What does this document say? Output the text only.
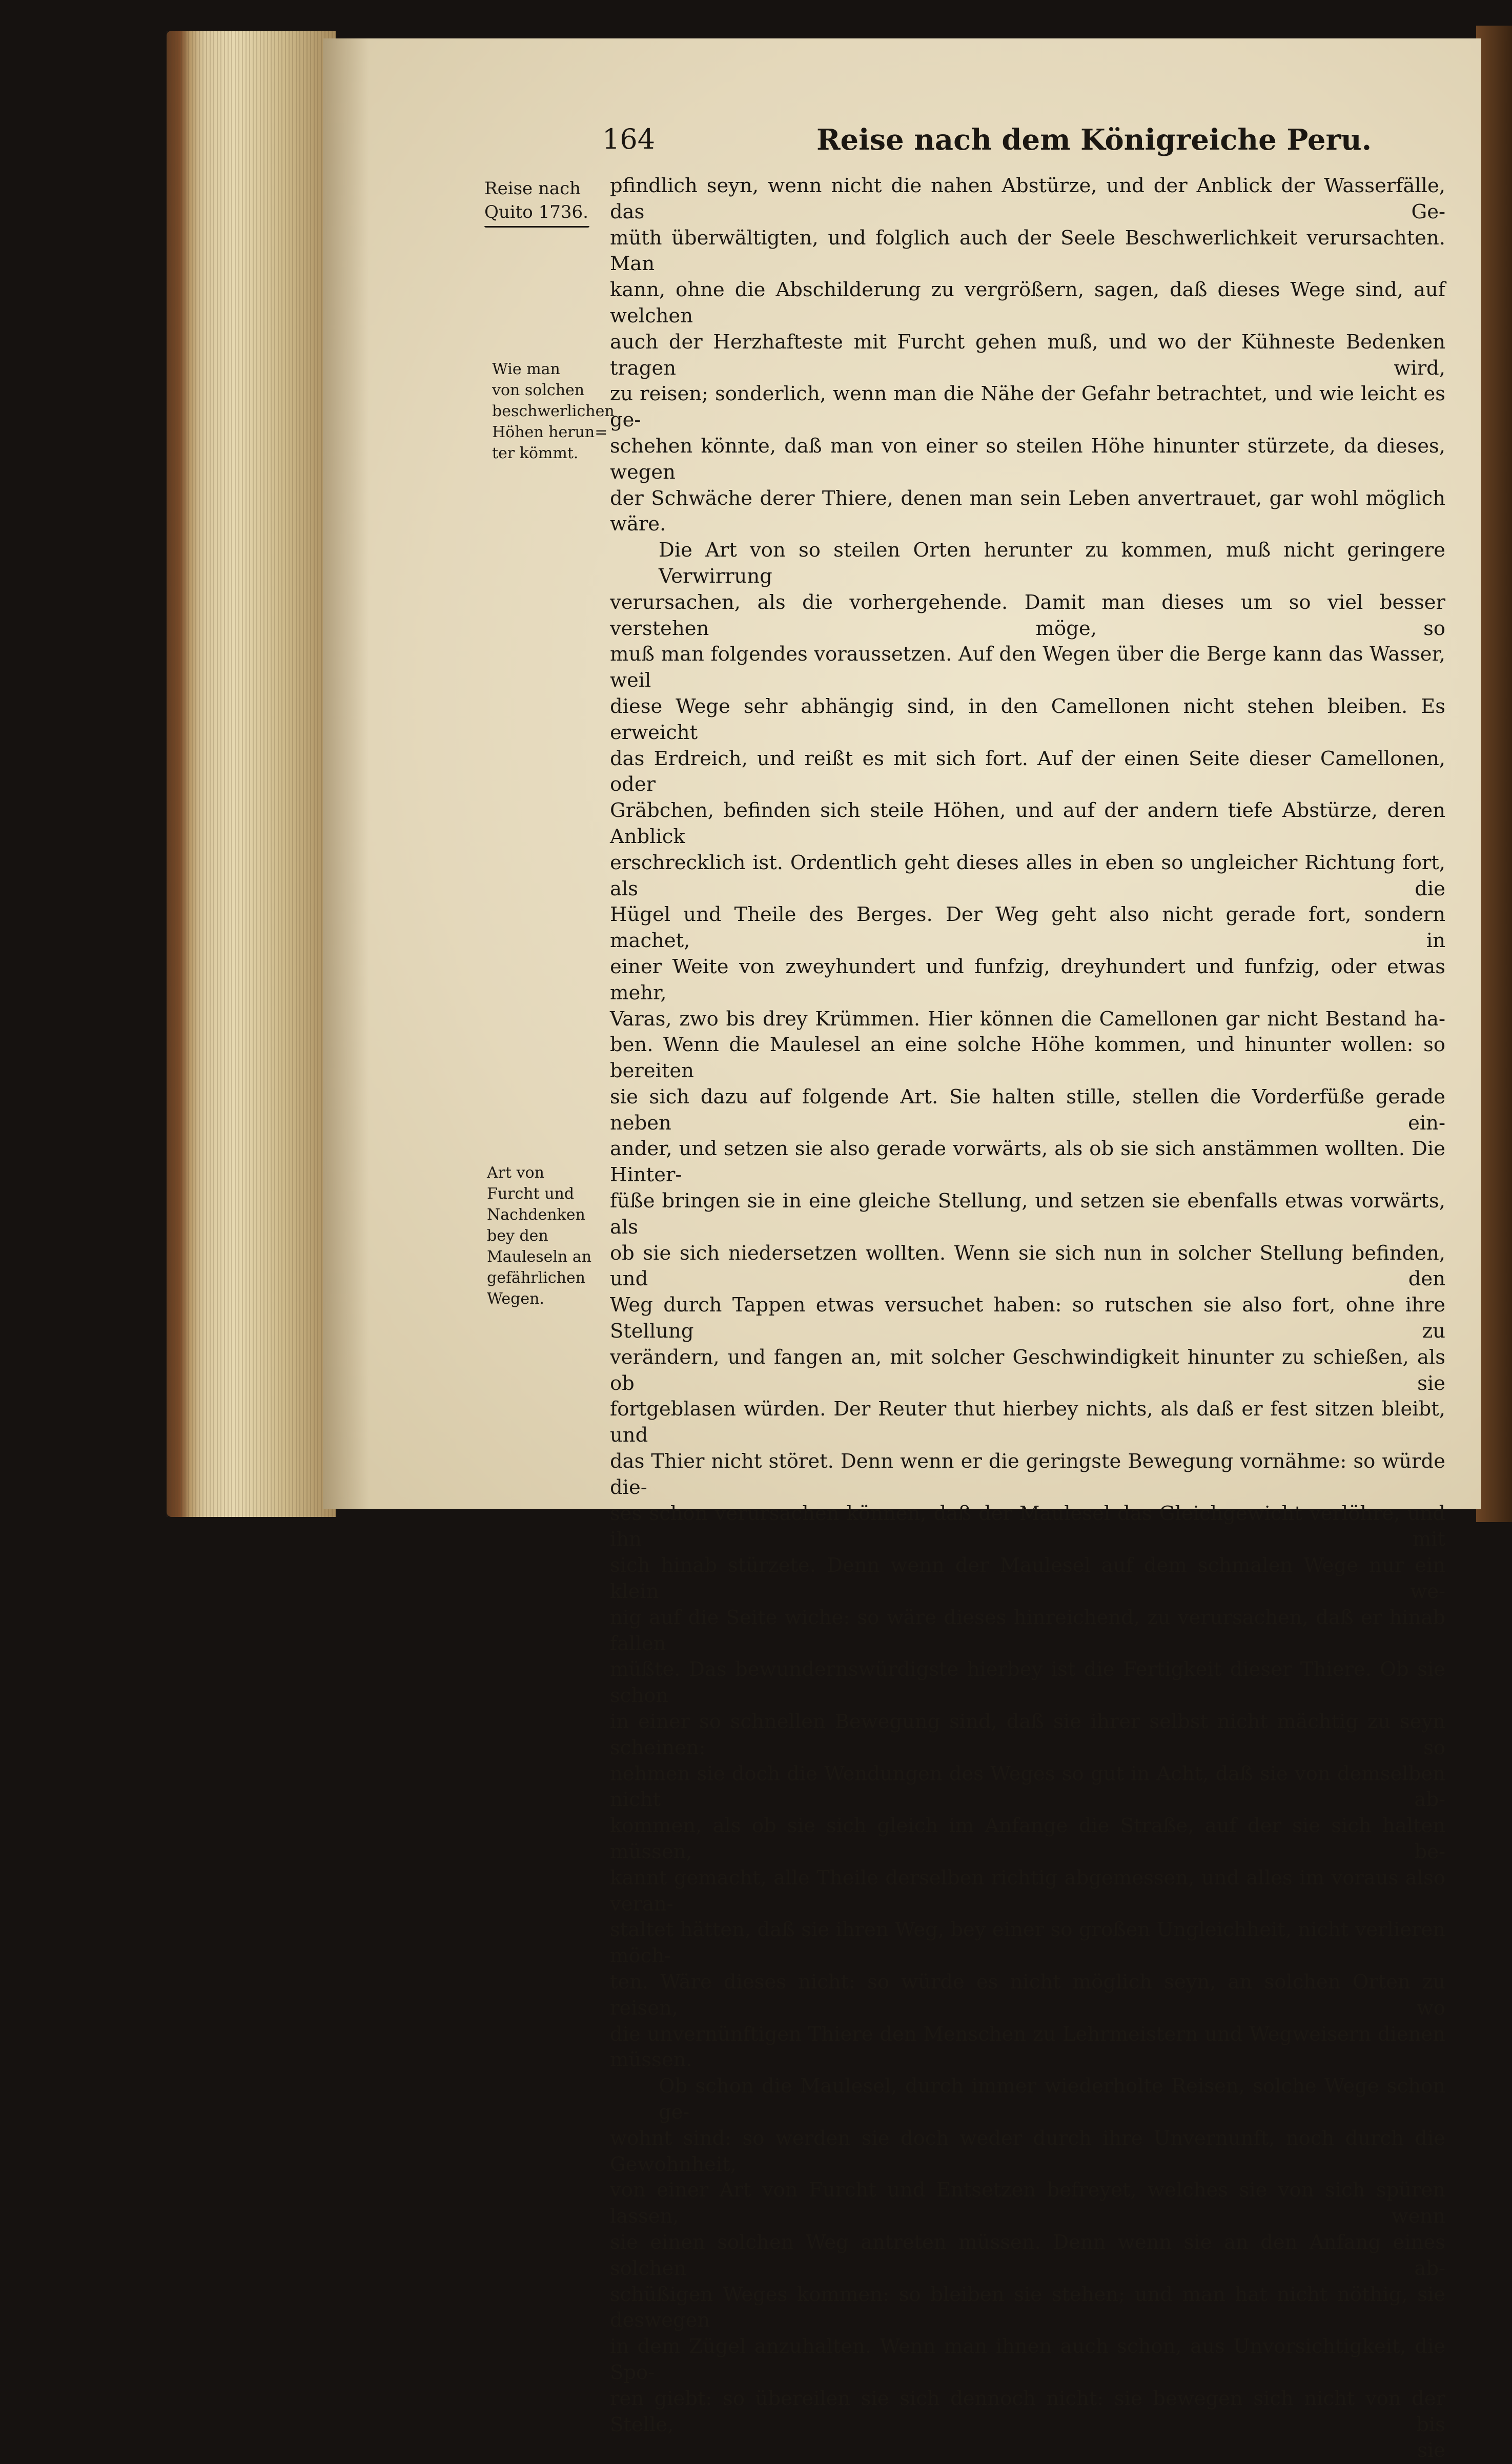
164	Reise nach dem Königreiche Peru.

Reise nach

Quito 1736.

Wie man

von solchen

beschwerlichen

Höhen herun=

ter kömmt.

Art von

Furcht und

Nachdenken

bey den

Mauleseln an

gefährlichen

Wegen.

pfindlich seyn, wenn nicht die nahen Abstürze, und der Anblick der Wasserfälle, das Ge-

müth überwältigten, und folglich auch der Seele Beschwerlichkeit verursachten. Man

kann, ohne die Abschilderung zu vergrößern, sagen, daß dieses Wege sind, auf welchen

auch der Herzhafteste mit Furcht gehen muß, und wo der Kühneste Bedenken tragen wird,

zu reisen; sonderlich, wenn man die Nähe der Gefahr betrachtet, und wie leicht es ge-

schehen könnte, daß man von einer so steilen Höhe hinunter stürzete, da dieses, wegen

der Schwäche derer Thiere, denen man sein Leben anvertrauet, gar wohl möglich wäre.

Die Art von so steilen Orten herunter zu kommen, muß nicht geringere Verwirrung

verursachen, als die vorhergehende. Damit man dieses um so viel besser verstehen möge, so

muß man folgendes voraussetzen. Auf den Wegen über die Berge kann das Wasser, weil

diese Wege sehr abhängig sind, in den Camellonen nicht stehen bleiben. Es erweicht

das Erdreich, und reißt es mit sich fort. Auf der einen Seite dieser Camellonen, oder

Gräbchen, befinden sich steile Höhen, und auf der andern tiefe Abstürze, deren Anblick

erschrecklich ist. Ordentlich geht dieses alles in eben so ungleicher Richtung fort, als die

Hügel und Theile des Berges. Der Weg geht also nicht gerade fort, sondern machet, in

einer Weite von zweyhundert und funfzig, dreyhundert und funfzig, oder etwas mehr,

Varas, zwo bis drey Krümmen. Hier können die Camellonen gar nicht Bestand ha-

ben. Wenn die Maulesel an eine solche Höhe kommen, und hinunter wollen: so bereiten

sie sich dazu auf folgende Art. Sie halten stille, stellen die Vorderfüße gerade neben ein-

ander, und setzen sie also gerade vorwärts, als ob sie sich anstämmen wollten. Die Hinter-

füße bringen sie in eine gleiche Stellung, und setzen sie ebenfalls etwas vorwärts, als

ob sie sich niedersetzen wollten. Wenn sie sich nun in solcher Stellung befinden, und den

Weg durch Tappen etwas versuchet haben: so rutschen sie also fort, ohne ihre Stellung zu

verändern, und fangen an, mit solcher Geschwindigkeit hinunter zu schießen, als ob sie

fortgeblasen würden. Der Reuter thut hierbey nichts, als daß er fest sitzen bleibt, und

das Thier nicht störet. Denn wenn er die geringste Bewegung vornähme: so würde die-

ses schon verursachen können, daß der Maulesel das Gleichgewicht verlöhre, und ihn mit

sich hinab stürzete. Denn wenn der Maulesel auf dem schmalen Wege nur ein klein we-

nig auf die Seite wiche: so wäre dieses hinreichend, zu verursachen, daß er hinab fallen

müßte. Das bewundernswürdigste hierbey ist die Fertigkeit dieser Thiere. Ob sie schon

in einer so schnellen Bewegung sind, daß sie ihrer selbst nicht mächtig zu seyn scheinen: so

nehmen sie doch die Wendungen des Weges so gut in Acht, daß sie von demselben nicht ab-

kommen, als ob sie sich gleich im Anfange die Straße, auf der sie sich halten müssen, be-

kannt gemacht, alle Theile derselben richtig abgemessen, und alles im voraus also veran-

staltet hätten, daß sie ihren Weg, bey einer so großen Ungleichheit, nicht verlieren möch-

ten. Wäre dieses nicht: so würde es nicht möglich seyn, an solchen Orten zu reisen, wo

die unvernünftigen Thiere den Menschen zu Lehrmeistern und Wegweisern dienen müssen.

Ob schon die Maulesel, durch immer wiederholte Reisen, solche Wege schon ge-

wohnt sind: so werden sie doch weder durch ihre Unvernunft, noch durch die Gewohnheit,

von einer Art von Furcht und Entsetzen befreyet, welches sie von sich spüren lassen, wenn

sie einen solchen Weg antreten müssen. Denn wenn sie an den Anfang eines solchen ab-

schüßigen Weges kommen: so bleiben sie stehen; und man hat nicht nöthig, sie deswegen

in dem Zügel anzuhalten. Wenn man ihnen auch schon, aus Unvorsichtigkeit, die Spo-

ren giebt: so übereilen sie sich dennoch nicht: sie bewegen sich nicht von der Stelle, bis

sie
